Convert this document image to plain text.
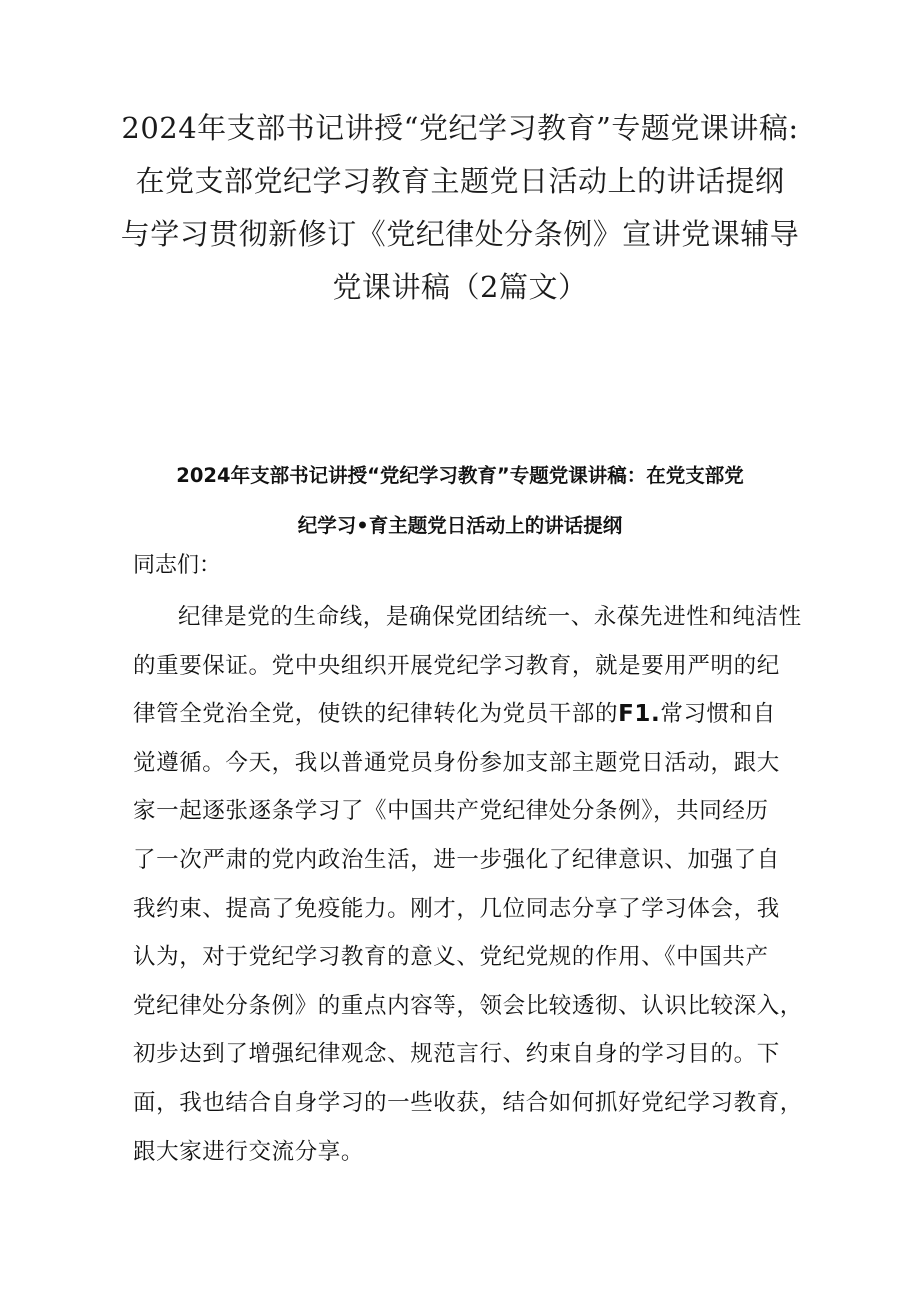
2024年支部书记讲授“党纪学习教育”专题党课讲稿:
在党支部党纪学习教育主题党日活动上的讲话提纲
与学习贯彻新修订《党纪律处分条例》宣讲党课辅导
党课讲稿（2篇文）
2024年支部书记讲授“党纪学习教育”专题党课讲稿：在党支部党
纪学习•育主题党日活动上的讲话提纲
同志们：
纪律是党的生命线，是确保党团结统一、永葆先进性和纯洁性
的重要保证。党中央组织开展党纪学习教育，就是要用严明的纪
律管全党治全党，使铁的纪律转化为党员干部的F1.常习惯和自
觉遵循。今天，我以普通党员身份参加支部主题党日活动，跟大
家一起逐张逐条学习了《中国共产党纪律处分条例》，共同经历
了一次严肃的党内政治生活，进一步强化了纪律意识、加强了自
我约束、提高了免疫能力。刚才，几位同志分享了学习体会，我
认为，对于党纪学习教育的意义、党纪党规的作用、《中国共产
党纪律处分条例》的重点内容等，领会比较透彻、认识比较深入，
初步达到了增强纪律观念、规范言行、约束自身的学习目的。下
面，我也结合自身学习的一些收获，结合如何抓好党纪学习教育，
跟大家进行交流分享。
